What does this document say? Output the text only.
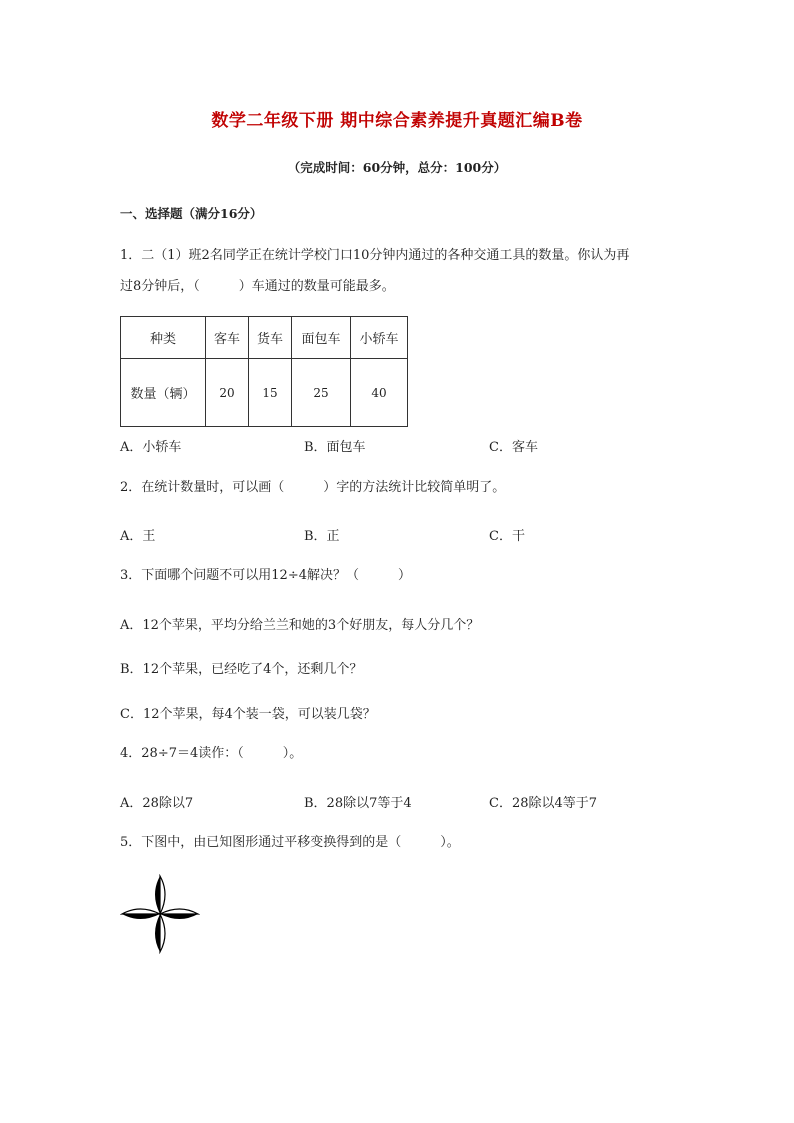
数学二年级下册 期中综合素养提升真题汇编B卷
（完成时间：60分钟，总分：100分）
一、选择题（满分16分）
1．二（1）班2名同学正在统计学校门口10分钟内通过的各种交通工具的数量。你认为再
过8分钟后，（　　　）车通过的数量可能最多。
种类	客车	货车	面包车	小轿车
数量（辆）	20	15	25	40
A．小轿车	B．面包车	C．客车
2．在统计数量时，可以画（　　　）字的方法统计比较简单明了。
A．王	B．正	C．干
3．下面哪个问题不可以用12÷4解决？（　　　）
A．12个苹果，平均分给兰兰和她的3个好朋友，每人分几个？
B．12个苹果，已经吃了4个，还剩几个？
C．12个苹果，每4个装一袋，可以装几袋？
4．28÷7＝4读作：（　　　）。
A．28除以7	B．28除以7等于4	C．28除以4等于7
5．下图中，由已知图形通过平移变换得到的是（　　　）。
